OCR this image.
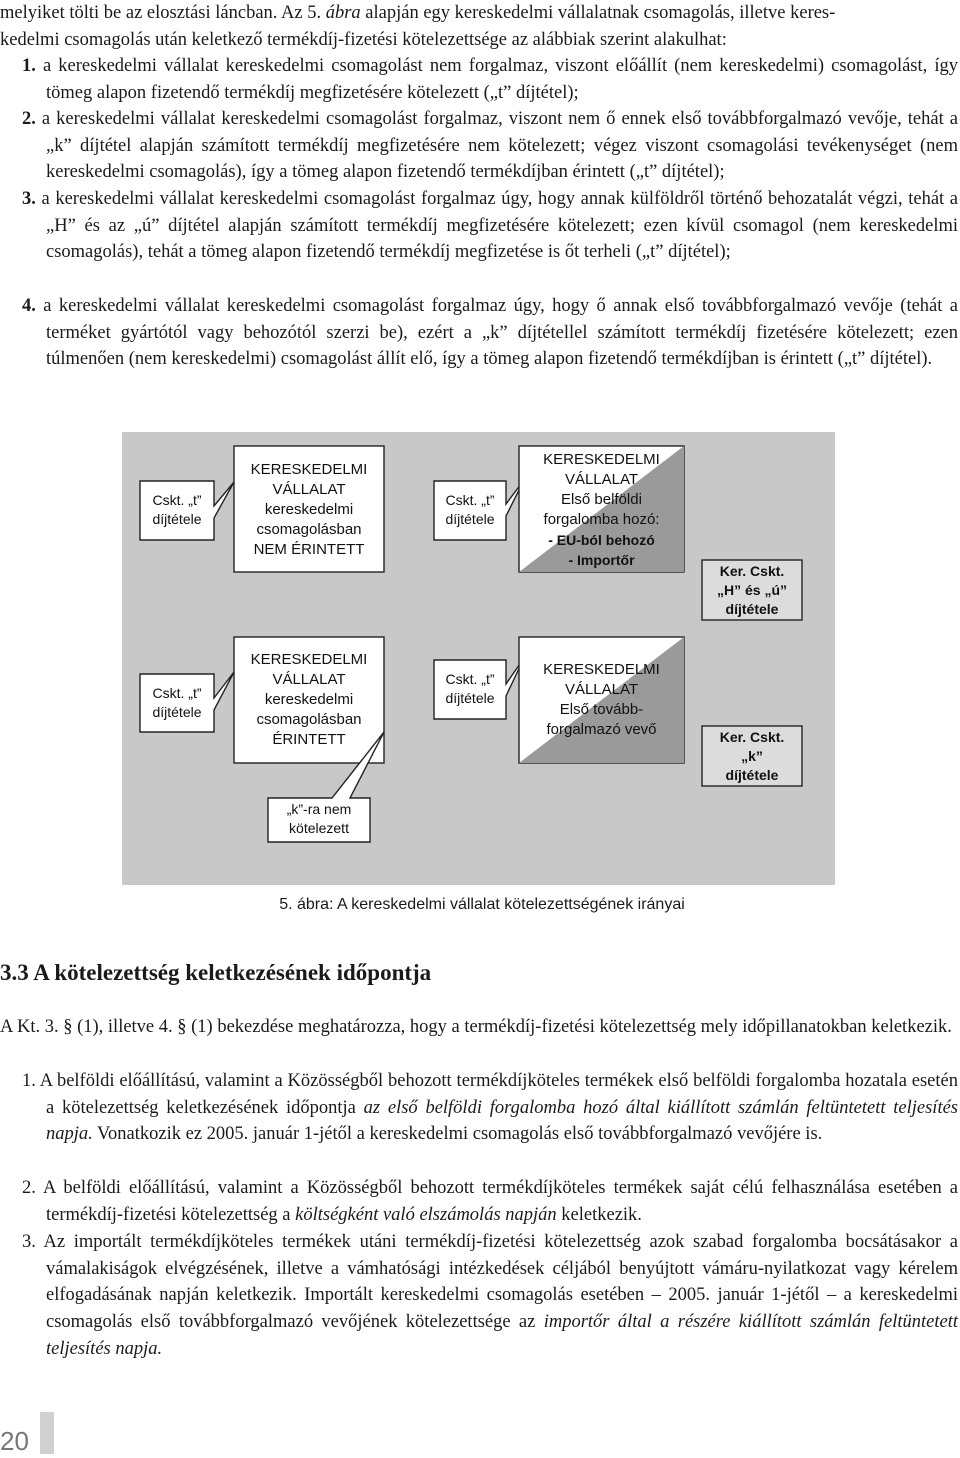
melyiket tölti be az elosztási láncban. Az 5. ábra alapján egy kereskedelmi vállalatnak csomagolás, illetve keres-
kedelmi csomagolás után keletkező termékdíj-fizetési kötelezettsége az alábbiak szerint alakulhat:

1. a kereskedelmi vállalat kereskedelmi csomagolást nem forgalmaz, viszont előállít (nem kereskedelmi) csomagolást, így tömeg alapon fizetendő termékdíj megfizetésére kötelezett („t” díjtétel);

2. a kereskedelmi vállalat kereskedelmi csomagolást forgalmaz, viszont nem ő ennek első továbbforgalmazó vevője, tehát a „k” díjtétel alapján számított termékdíj megfizetésére nem kötelezett; végez viszont csomagolási tevékenységet (nem kereskedelmi csomagolás), így a tömeg alapon fizetendő termékdíjban érintett („t” díjtétel);

3. a kereskedelmi vállalat kereskedelmi csomagolást forgalmaz úgy, hogy annak külföldről történő behozatalát végzi, tehát a „H” és az „ú” díjtétel alapján számított termékdíj megfizetésére kötelezett; ezen kívül csomagol (nem kereskedelmi csomagolás), tehát a tömeg alapon fizetendő termékdíj megfizetése is őt terheli („t” díjtétel);

4. a kereskedelmi vállalat kereskedelmi csomagolást forgalmaz úgy, hogy ő annak első továbbforgalmazó vevője (tehát a terméket gyártótól vagy behozótól szerzi be), ezért a „k” díjtétellel számított termékdíj fizetésére kötelezett; ezen túlmenően (nem kereskedelmi) csomagolást állít elő, így a tömeg alapon fizetendő termékdíjban is érintett („t” díjtétel).

Cskt. „t”
díjtétele
KERESKEDELMI
VÁLLALAT
kereskedelmi
csomagolásban
NEM ÉRINTETT
Cskt. „t”
díjtétele
KERESKEDELMI
VÁLLALAT
Első belföldi
forgalomba hozó:
- EU-ból behozó
- Importőr
Ker. Cskt.
„H” és „ú”
díjtétele
Cskt. „t”
díjtétele
KERESKEDELMI
VÁLLALAT
kereskedelmi
csomagolásban
ÉRINTETT
Cskt. „t”
díjtétele
KERESKEDELMI
VÁLLALAT
Első tovább-
forgalmazó vevő	Ker. Cskt.
„k”
díjtétele
„k”-ra nem
kötelezett
5. ábra: A kereskedelmi vállalat kötelezettségének irányai
3.3 A kötelezettség keletkezésének időpontja

A Kt. 3. § (1), illetve 4. § (1) bekezdése meghatározza, hogy a termékdíj-fizetési kötelezettség mely időpillanatokban keletkezik.

1. A belföldi előállítású, valamint a Közösségből behozott termékdíjköteles termékek első belföldi forgalomba hozatala esetén a kötelezettség keletkezésének időpontja az első belföldi forgalomba hozó által kiállított számlán feltüntetett teljesítés napja. Vonatkozik ez 2005. január 1-jétől a kereskedelmi csomagolás első továbbforgalmazó vevőjére is.

2. A belföldi előállítású, valamint a Közösségből behozott termékdíjköteles termékek saját célú felhasználása esetében a termékdíj-fizetési kötelezettség a költségként való elszámolás napján keletkezik.

3. Az importált termékdíjköteles termékek utáni termékdíj-fizetési kötelezettség azok szabad forgalomba bocsátásakor a vámalakiságok elvégzésének, illetve a vámhatósági intézkedések céljából benyújtott vámáru-nyilatkozat vagy kérelem elfogadásának napján keletkezik. Importált kereskedelmi csomagolás esetében – 2005. január 1-jétől – a kereskedelmi csomagolás első továbbforgalmazó vevőjének kötelezettsége az importőr által a részére kiállított számlán feltüntetett teljesítés napja.

20
